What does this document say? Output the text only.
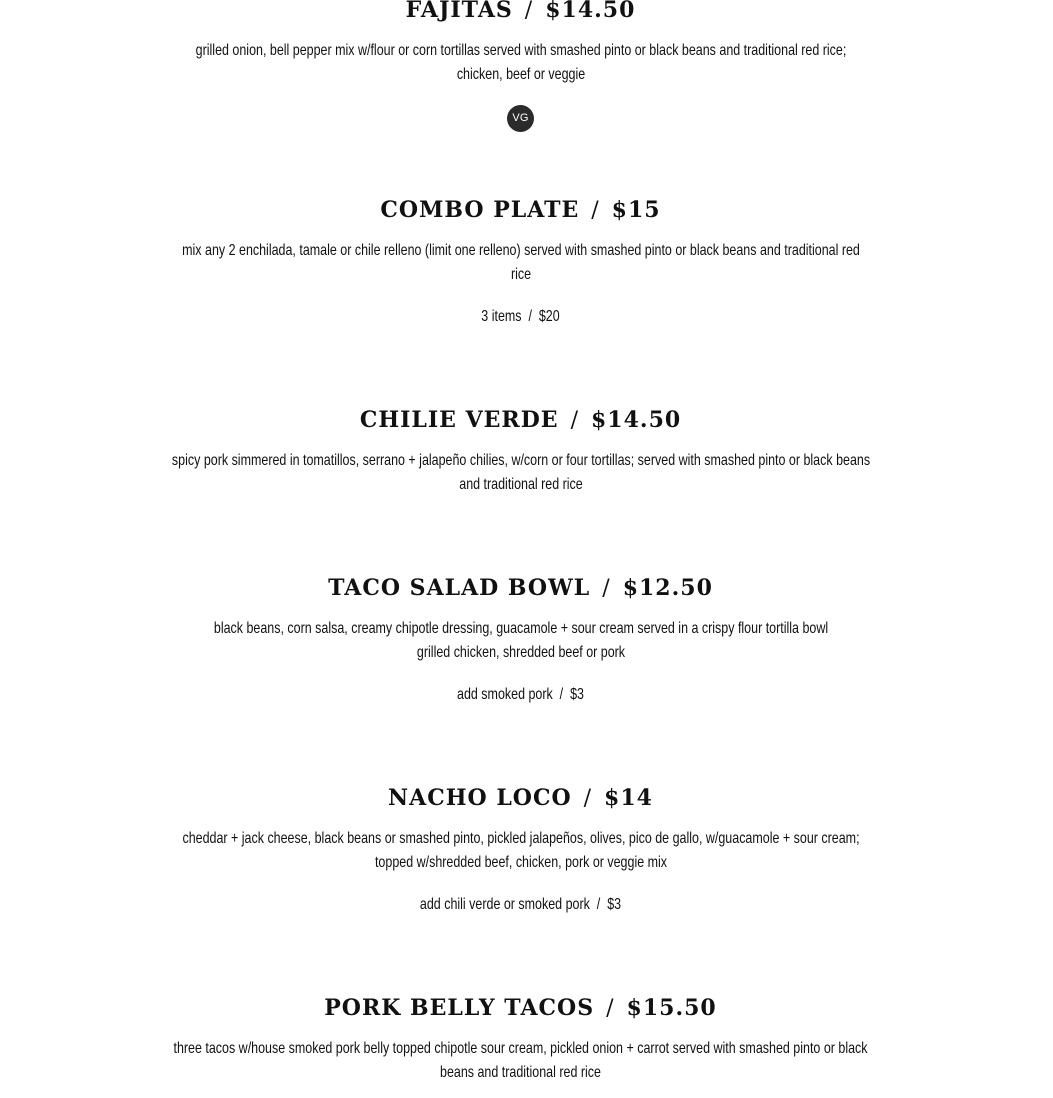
FAJITAS / $14.50

grilled onion, bell pepper mix w/flour or corn tortillas served with smashed pinto or black beans and traditional red rice; chicken, beef or veggie

VG
COMBO PLATE / $15

mix any 2 enchilada, tamale or chile relleno (limit one relleno) served with smashed pinto or black beans and traditional red rice

3 items  /  $20

CHILIE VERDE / $14.50

spicy pork simmered in tomatillos, serrano + jalapeño chilies, w/corn or four tortillas; served with smashed pinto or black beans and traditional red rice

TACO SALAD BOWL / $12.50

black beans, corn salsa, creamy chipotle dressing, guacamole + sour cream served in a crispy flour tortilla bowl

grilled chicken, shredded beef or pork

add smoked pork  /  $3

NACHO LOCO / $14

cheddar + jack cheese, black beans or smashed pinto, pickled jalapeños, olives, pico de gallo, w/guacamole + sour cream; topped w/shredded beef, chicken, pork or veggie mix

add chili verde or smoked pork  /  $3

PORK BELLY TACOS / $15.50

three tacos w/house smoked pork belly topped chipotle sour cream, pickled onion + carrot served with smashed pinto or black beans and traditional red rice
